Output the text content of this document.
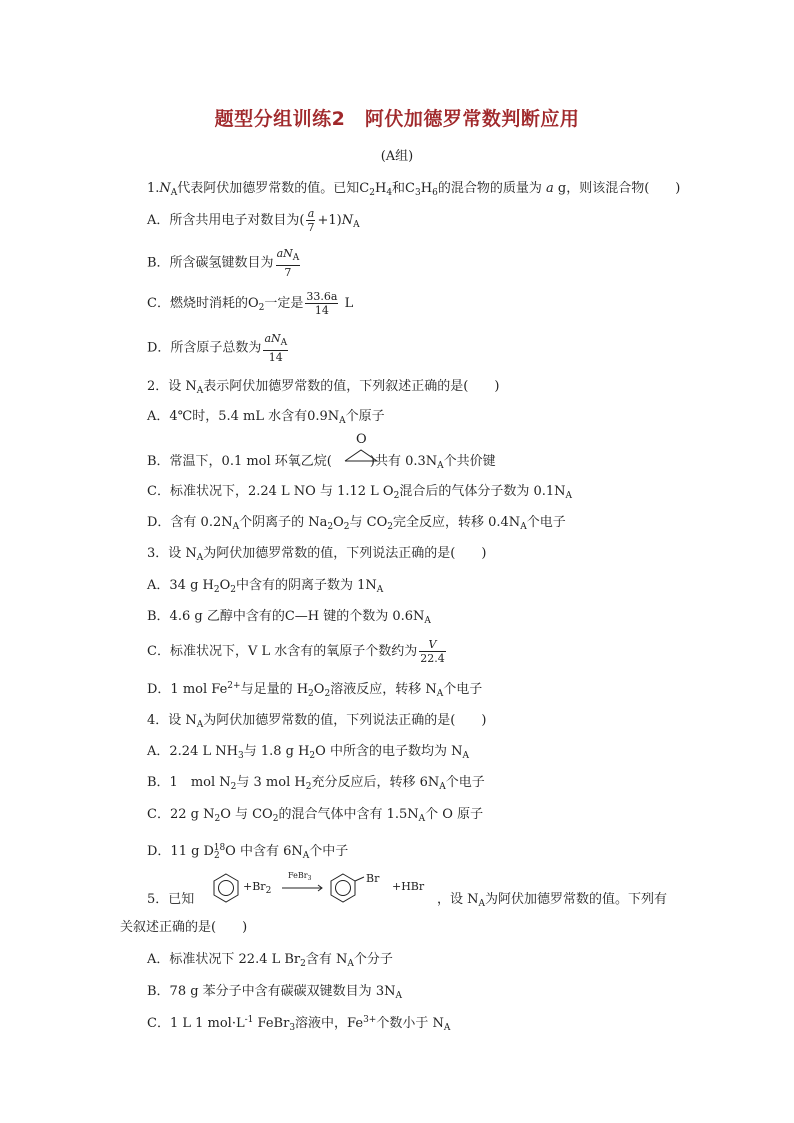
题型分组训练2　阿伏加德罗常数判断应用
(A组)
$1.N_A$代表阿伏加德罗常数的值。已知$C_2H_4$和$C_3H_6$的混合物的质量为 a g，则该混合物(　　)
A．所含共用电子对数目为( $\frac{a}{7} +1)N_A$
B．所含碳氢键数目为 $\frac{aN_A}{7}$
C．燃烧时消耗的$O_2$一定是 $\frac{33.6a}{14}$ L
D．所含原子总数为 $\frac{aN_A}{14}$
2．设 $N_A$表示阿伏加德罗常数的值，下列叙述正确的是(　　)
A．4℃时，5.4 mL 水含有$0.9N_A$个原子
B．常温下，0.1 mol 环氧乙烷(	)共有 $0.3N_A$个共价键
O
C．标准状况下，2.24 L NO 与 1.12 L $O_2$混合后的气体分子数为 $0.1N_A$
D．含有 $0.2N_A$个阴离子的 $Na_2O_2$与 $CO_2$完全反应，转移 $0.4N_A$个电子
3．设 $N_A$为阿伏加德罗常数的值，下列说法正确的是(　　)
A．34 g $H_2O_2$中含有的阴离子数为 $1N_A$
B．4.6 g 乙醇中含有的C—H 键的个数为 $0.6N_A$
C．标准状况下，V L 水含有的氧原子个数约为 $\frac{V}{22.4}$
D．1 mol $Fe^{2+}$与足量的 $H_2O_2$溶液反应，转移 $N_A$个电子
4．设 $N_A$为阿伏加德罗常数的值，下列说法正确的是(　　)
A．2.24 L $NH_3$与 1.8 g $H_2O$ 中所含的电子数均为 $N_A$
B．1　mol $N_2$与 3 mol $H_2$充分反应后，转移 $6N_A$个电子
C．22 g $N_2O$ 与 $CO_2$的混合气体中含有 $1.5N_A$个 O 原子
D．11 g $D_2^{18}O$ 中含有 $6N_A$个中子
5．已知
$+Br_2$
FeBr$_3$	Br
+HBr
，设 $N_A$为阿伏加德罗常数的值。下列有
关叙述正确的是(　　)
A．标准状况下 22.4 L $Br_2$含有 $N_A$个分子
B．78 g 苯分子中含有碳碳双键数目为 $3N_A$
C．1 L 1 $mol\cdot L^{-1}$ FeBr$_3$溶液中，$Fe^{3+}$个数小于 $N_A$
